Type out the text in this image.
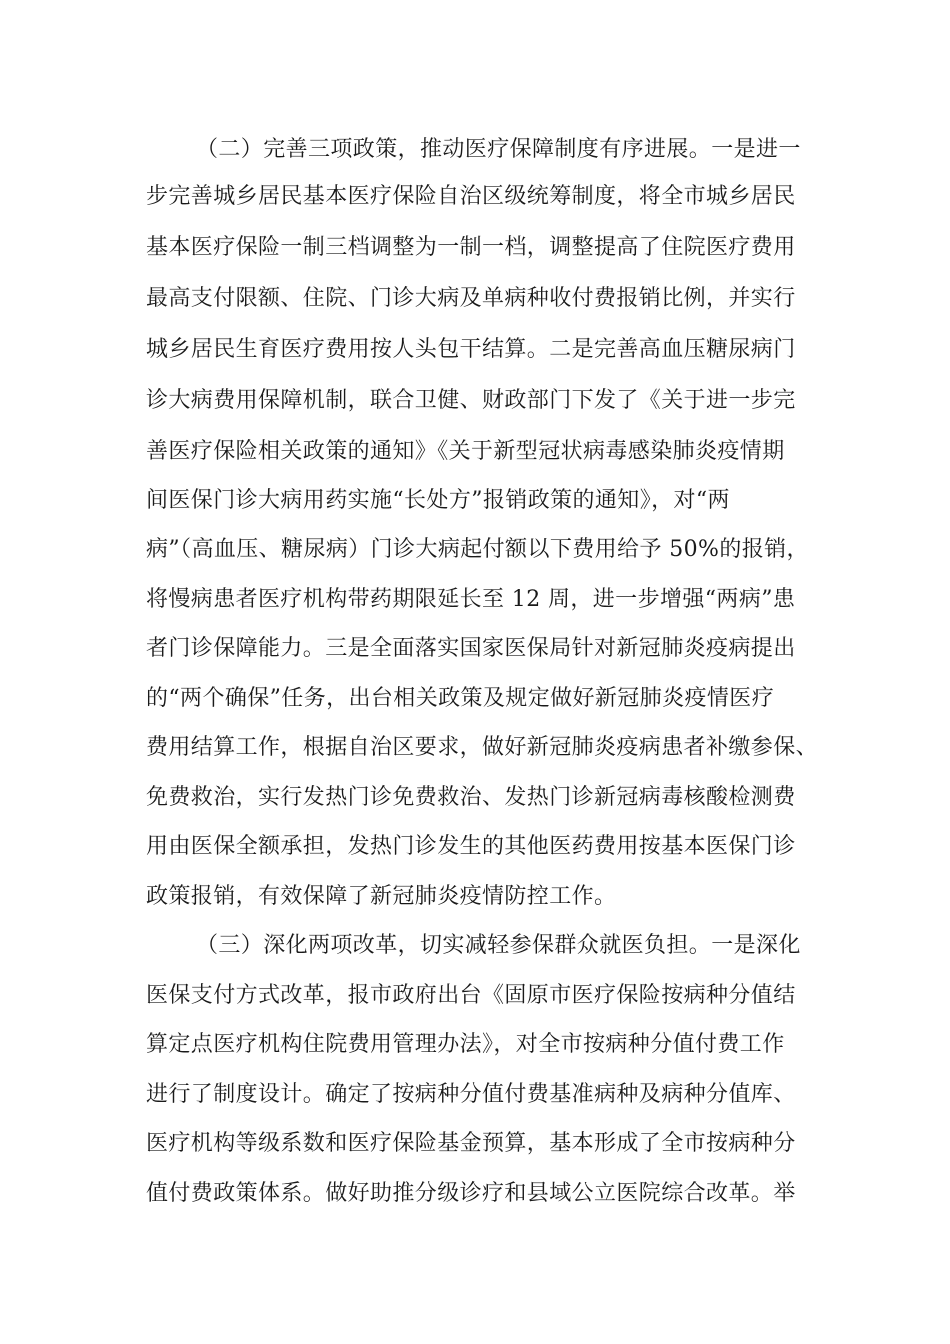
（二）完善三项政策，推动医疗保障制度有序进展。一是进一
步完善城乡居民基本医疗保险自治区级统筹制度，将全市城乡居民
基本医疗保险一制三档调整为一制一档，调整提高了住院医疗费用
最高支付限额、住院、门诊大病及单病种收付费报销比例，并实行
城乡居民生育医疗费用按人头包干结算。二是完善高血压糖尿病门
诊大病费用保障机制，联合卫健、财政部门下发了《关于进一步完
善医疗保险相关政策的通知》《关于新型冠状病毒感染肺炎疫情期
间医保门诊大病用药实施“长处方”报销政策的通知》，对“两
病”（高血压、糖尿病）门诊大病起付额以下费用给予 50%的报销，
将慢病患者医疗机构带药期限延长至 12 周，进一步增强“两病”患
者门诊保障能力。三是全面落实国家医保局针对新冠肺炎疫病提出
的“两个确保”任务，出台相关政策及规定做好新冠肺炎疫情医疗
费用结算工作，根据自治区要求，做好新冠肺炎疫病患者补缴参保、
免费救治，实行发热门诊免费救治、发热门诊新冠病毒核酸检测费
用由医保全额承担，发热门诊发生的其他医药费用按基本医保门诊
政策报销，有效保障了新冠肺炎疫情防控工作。
（三）深化两项改革，切实减轻参保群众就医负担。一是深化
医保支付方式改革，报市政府出台《固原市医疗保险按病种分值结
算定点医疗机构住院费用管理办法》，对全市按病种分值付费工作
进行了制度设计。确定了按病种分值付费基准病种及病种分值库、
医疗机构等级系数和医疗保险基金预算，基本形成了全市按病种分
值付费政策体系。做好助推分级诊疗和县域公立医院综合改革。举
